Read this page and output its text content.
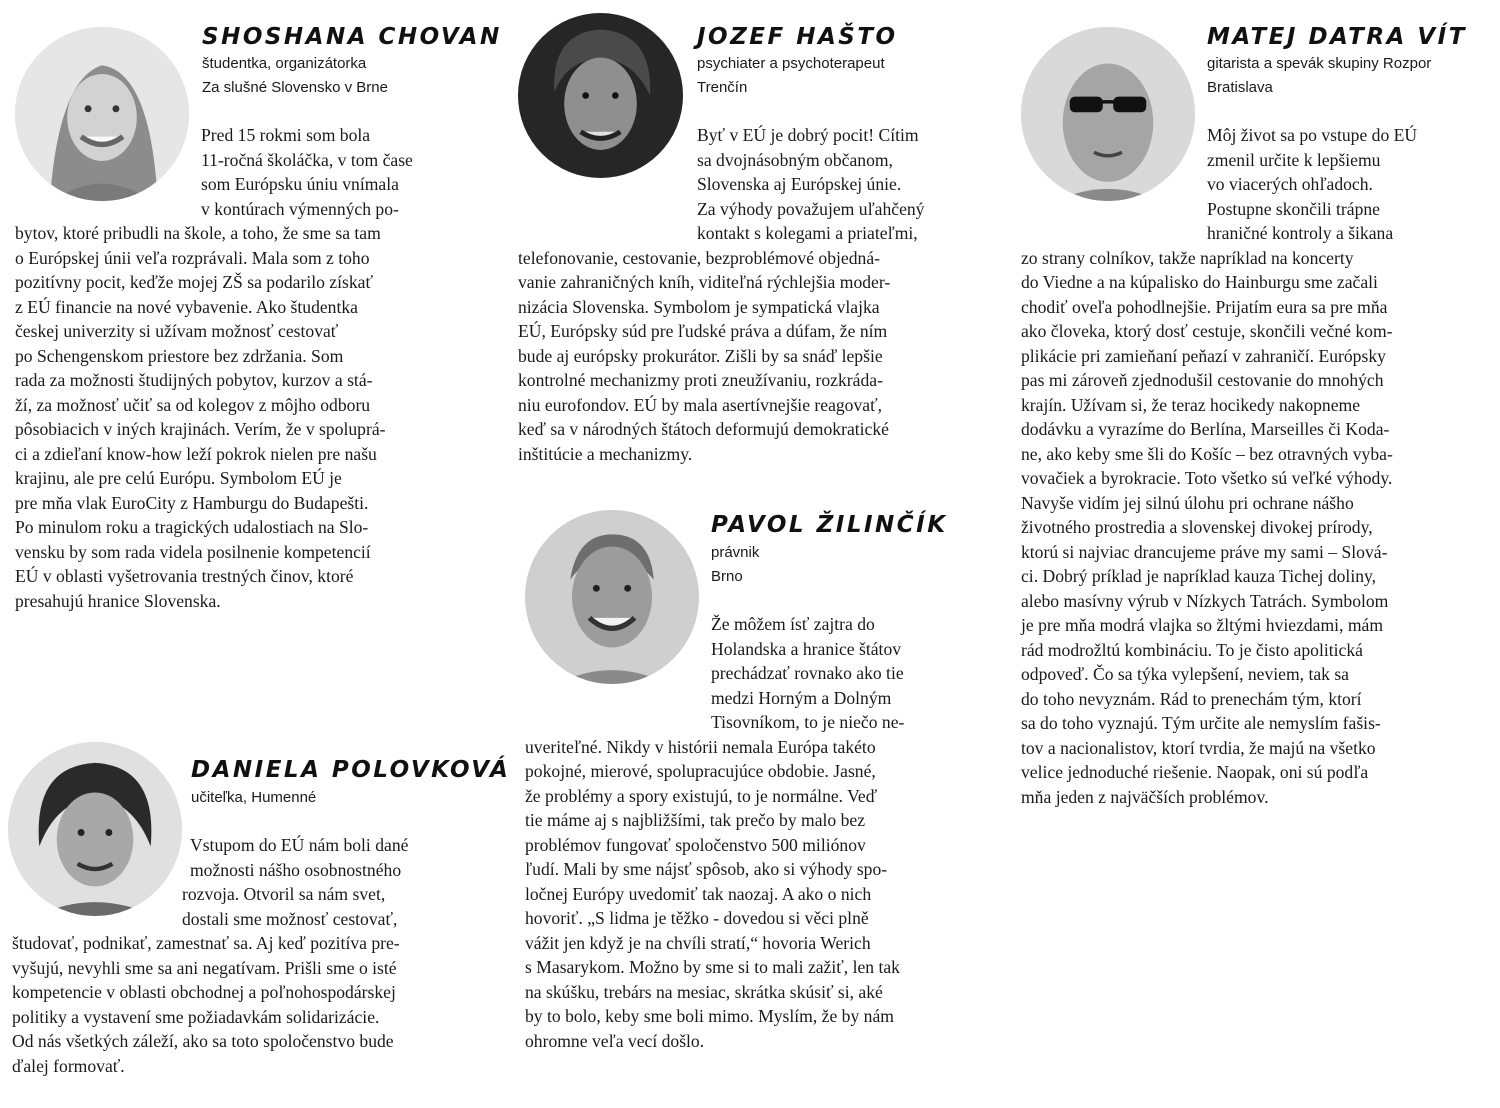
SHOSHANA CHOVAN
študentka, organizátorka
Za slušné Slovensko v Brne
Pred 15 rokmi som bola
11-ročná školáčka, v tom čase
som Európsku úniu vnímala
v kontúrach výmenných po-
bytov, ktoré pribudli na škole, a toho, že sme sa tam
o Európskej únii veľa rozprávali. Mala som z toho
pozitívny pocit, keďže mojej ZŠ sa podarilo získať
z EÚ financie na nové vybavenie. Ako študentka
českej univerzity si užívam možnosť cestovať
po Schengenskom priestore bez zdržania. Som
rada za možnosti študijných pobytov, kurzov a stá-
ží, za možnosť učiť sa od kolegov z môjho odboru
pôsobiacich v iných krajinách. Verím, že v spoluprá-
ci a zdieľaní know-how leží pokrok nielen pre našu
krajinu, ale pre celú Európu. Symbolom EÚ je
pre mňa vlak EuroCity z Hamburgu do Budapešti.
Po minulom roku a tragických udalostiach na Slo-
vensku by som rada videla posilnenie kompetencií
EÚ v oblasti vyšetrovania trestných činov, ktoré
presahujú hranice Slovenska.
JOZEF HAŠTO
psychiater a psychoterapeut
Trenčín
Byť v EÚ je dobrý pocit! Cítim
sa dvojnásobným občanom,
Slovenska aj Európskej únie.
Za výhody považujem uľahčený
kontakt s kolegami a priateľmi,
telefonovanie, cestovanie, bezproblémové objedná-
vanie zahraničných kníh, viditeľná rýchlejšia moder-
nizácia Slovenska. Symbolom je sympatická vlajka
EÚ, Európsky súd pre ľudské práva a dúfam, že ním
bude aj európsky prokurátor. Zišli by sa snáď lepšie
kontrolné mechanizmy proti zneužívaniu, rozkráda-
niu eurofondov. EÚ by mala asertívnejšie reagovať,
keď sa v národných štátoch deformujú demokratické
inštitúcie a mechanizmy.
MATEJ DATRA VÍT
gitarista a spevák skupiny Rozpor
Bratislava
Môj život sa po vstupe do EÚ
zmenil určite k lepšiemu
vo viacerých ohľadoch.
Postupne skončili trápne
hraničné kontroly a šikana
zo strany colníkov, takže napríklad na koncerty
do Viedne a na kúpalisko do Hainburgu sme začali
chodiť oveľa pohodlnejšie. Prijatím eura sa pre mňa
ako človeka, ktorý dosť cestuje, skončili večné kom-
plikácie pri zamieňaní peňazí v zahraničí. Európsky
pas mi zároveň zjednodušil cestovanie do mnohých
krajín. Užívam si, že teraz hocikedy nakopneme
dodávku a vyrazíme do Berlína, Marseilles či Koda-
ne, ako keby sme šli do Košíc – bez otravných vyba-
vovačiek a byrokracie. Toto všetko sú veľké výhody.
Navyše vidím jej silnú úlohu pri ochrane nášho
životného prostredia a slovenskej divokej prírody,
ktorú si najviac drancujeme práve my sami – Slová-
ci. Dobrý príklad je napríklad kauza Tichej doliny,
alebo masívny výrub v Nízkych Tatrách. Symbolom
je pre mňa modrá vlajka so žltými hviezdami, mám
rád modrožltú kombináciu. To je čisto apolitická
odpoveď. Čo sa týka vylepšení, neviem, tak sa
do toho nevyznám. Rád to prenechám tým, ktorí
sa do toho vyznajú. Tým určite ale nemyslím fašis-
tov a nacionalistov, ktorí tvrdia, že majú na všetko
velice jednoduché riešenie. Naopak, oni sú podľa
mňa jeden z najväčších problémov.
PAVOL ŽILINČÍK
právnik
Brno
Že môžem ísť zajtra do
Holandska a hranice štátov
prechádzať rovnako ako tie
medzi Horným a Dolným
Tisovníkom, to je niečo ne-
uveriteľné. Nikdy v histórii nemala Európa takéto
pokojné, mierové, spolupracujúce obdobie. Jasné,
že problémy a spory existujú, to je normálne. Veď
tie máme aj s najbližšími, tak prečo by malo bez
problémov fungovať spoločenstvo 500 miliónov
ľudí. Mali by sme nájsť spôsob, ako si výhody spo-
ločnej Európy uvedomiť tak naozaj. A ako o nich
hovoriť. „S lidma je těžko - dovedou si věci plně
vážit jen když je na chvíli stratí,“ hovoria Werich
s Masarykom. Možno by sme si to mali zažiť, len tak
na skúšku, trebárs na mesiac, skrátka skúsiť si, aké
by to bolo, keby sme boli mimo. Myslím, že by nám
ohromne veľa vecí došlo.
DANIELA POLOVKOVÁ
učiteľka, Humenné
Vstupom do EÚ nám boli dané
možnosti nášho osobnostného
rozvoja. Otvoril sa nám svet,
dostali sme možnosť cestovať,
študovať, podnikať, zamestnať sa. Aj keď pozitíva pre-
vyšujú, nevyhli sme sa ani negatívam. Prišli sme o isté
kompetencie v oblasti obchodnej a poľnohospodárskej
politiky a vystavení sme požiadavkám solidarizácie.
Od nás všetkých záleží, ako sa toto spoločenstvo bude
ďalej formovať.
